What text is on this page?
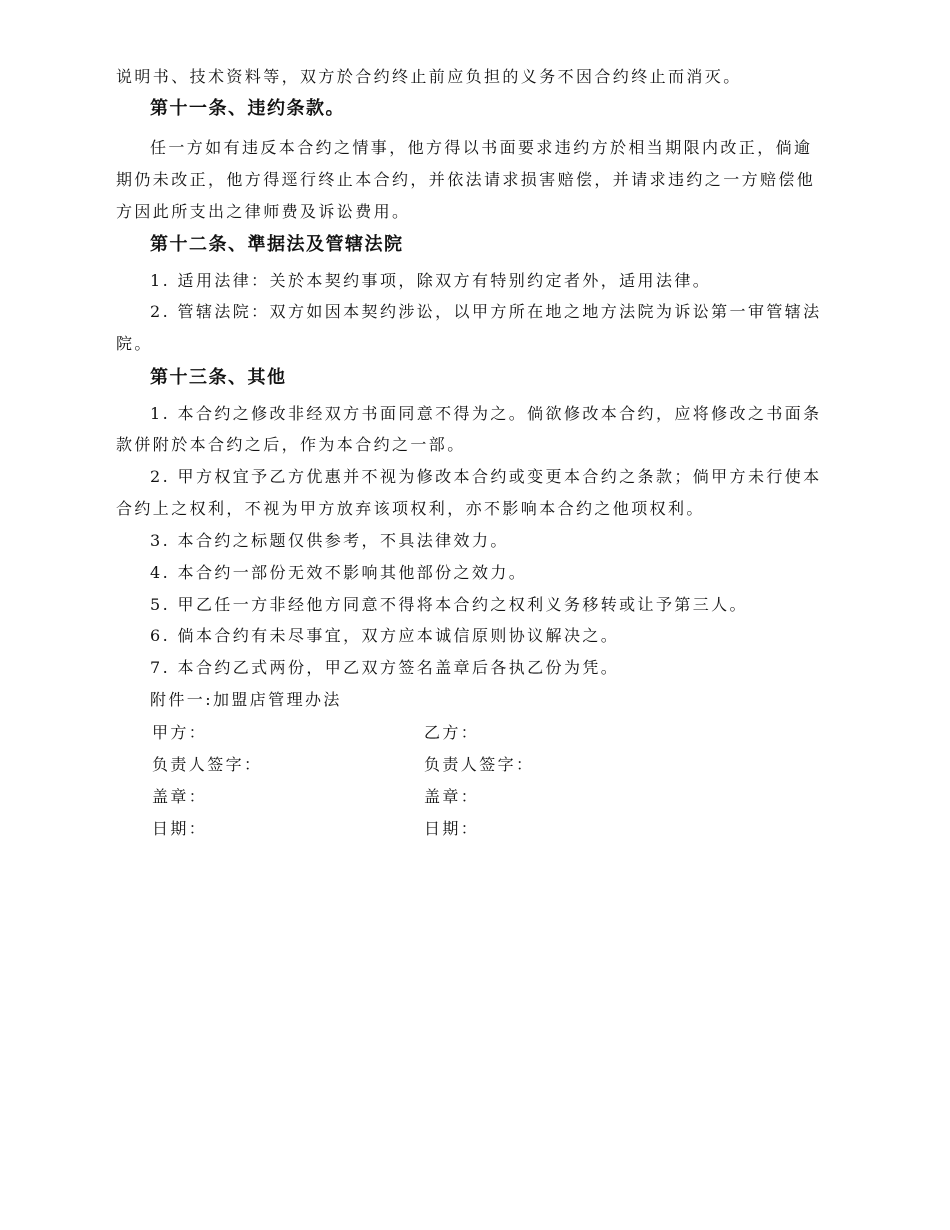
说明书、技术资料等，双方於合约终止前应负担的义务不因合约终止而消灭。
第十一条、违约条款。
任一方如有违反本合约之情事，他方得以书面要求违约方於相当期限内改正，倘逾
期仍未改正，他方得逕行终止本合约，并依法请求损害赔偿，并请求违约之一方赔偿他
方因此所支出之律师费及诉讼费用。
第十二条、準据法及管辖法院
1. 适用法律：关於本契约事项，除双方有特别约定者外，适用法律。
2. 管辖法院：双方如因本契约涉讼，以甲方所在地之地方法院为诉讼第一审管辖法
院。
第十三条、其他
1. 本合约之修改非经双方书面同意不得为之。倘欲修改本合约，应将修改之书面条
款併附於本合约之后，作为本合约之一部。
2. 甲方权宜予乙方优惠并不视为修改本合约或变更本合约之条款；倘甲方未行使本
合约上之权利，不视为甲方放弃该项权利，亦不影响本合约之他项权利。
3. 本合约之标题仅供参考，不具法律效力。
4. 本合约一部份无效不影响其他部份之效力。
5. 甲乙任一方非经他方同意不得将本合约之权利义务移转或让予第三人。
6. 倘本合约有未尽事宜，双方应本诚信原则协议解决之。
7. 本合约乙式两份，甲乙双方签名盖章后各执乙份为凭。
附件一:加盟店管理办法
甲方：	乙方：
负责人签字：	负责人签字：
盖章：	盖章：
日期：	日期：
